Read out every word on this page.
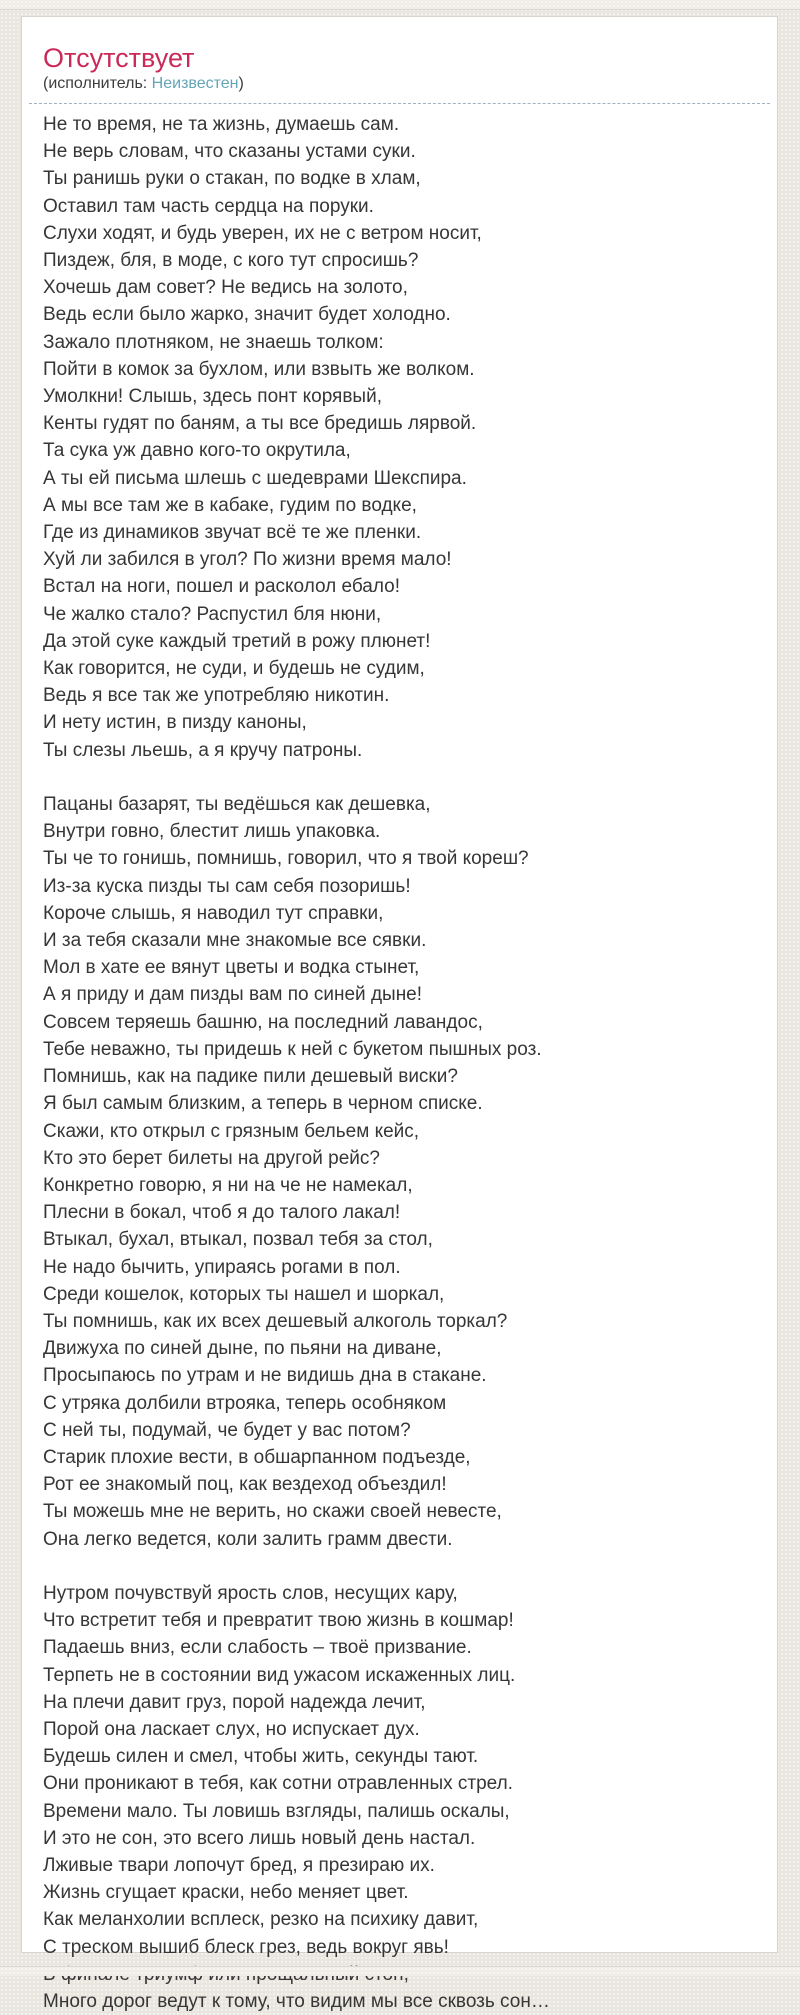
Отсутствует
(исполнитель: Неизвестен)
Не то время, не та жизнь, думаешь сам.
Не верь словам, что сказаны устами суки.
Ты ранишь руки о стакан, по водке в хлам,
Оставил там часть сердца на поруки.
Слухи ходят, и будь уверен, их не с ветром носит,
Пиздеж, бля, в моде, с кого тут спросишь?
Хочешь дам совет? Не ведись на золото,
Ведь если было жарко, значит будет холодно.
Зажало плотняком, не знаешь толком:
Пойти в комок за бухлом, или взвыть же волком.
Умолкни! Слышь, здесь понт корявый,
Кенты гудят по баням, а ты все бредишь лярвой.
Та сука уж давно кого-то окрутила,
А ты ей письма шлешь с шедеврами Шекспира.
А мы все там же в кабаке, гудим по водке,
Где из динамиков звучат всё те же пленки.
Хуй ли забился в угол? По жизни время мало!
Встал на ноги, пошел и расколол ебало!
Че жалко стало? Распустил бля нюни,
Да этой суке каждый третий в рожу плюнет!
Как говорится, не суди, и будешь не судим,
Ведь я все так же употребляю никотин.
И нету истин, в пизду каноны,
Ты слезы льешь, а я кручу патроны.
Пацаны базарят, ты ведёшься как дешевка,
Внутри говно, блестит лишь упаковка.
Ты че то гонишь, помнишь, говорил, что я твой кореш?
Из-за куска пизды ты сам себя позоришь!
Короче слышь, я наводил тут справки,
И за тебя сказали мне знакомые все сявки.
Мол в хате ее вянут цветы и водка стынет,
А я приду и дам пизды вам по синей дыне!
Совсем теряешь башню, на последний лавандос,
Тебе неважно, ты придешь к ней с букетом пышных роз.
Помнишь, как на падике пили дешевый виски?
Я был самым близким, а теперь в черном списке.
Скажи, кто открыл с грязным бельем кейс,
Кто это берет билеты на другой рейс?
Конкретно говорю, я ни на че не намекал,
Плесни в бокал, чтоб я до талого лакал!
Втыкал, бухал, втыкал, позвал тебя за стол,
Не надо бычить, упираясь рогами в пол.
Среди кошелок, которых ты нашел и шоркал,
Ты помнишь, как их всех дешевый алкоголь торкал?
Движуха по синей дыне, по пьяни на диване,
Просыпаюсь по утрам и не видишь дна в стакане.
С утряка долбили втрояка, теперь особняком
С ней ты, подумай, че будет у вас потом?
Старик плохие вести, в обшарпанном подъезде,
Рот ее знакомый поц, как вездеход объездил!
Ты можешь мне не верить, но скажи своей невесте,
Она легко ведется, коли залить грамм двести.
Нутром почувствуй ярость слов, несущих кару,
Что встретит тебя и превратит твою жизнь в кошмар!
Падаешь вниз, если слабость – твоё призвание.
Терпеть не в состоянии вид ужасом искаженных лиц.
На плечи давит груз, порой надежда лечит,
Порой она ласкает слух, но испускает дух.
Будешь силен и смел, чтобы жить, секунды тают.
Они проникают в тебя, как сотни отравленных стрел.
Времени мало. Ты ловишь взгляды, палишь оскалы,
И это не сон, это всего лишь новый день настал.
Лживые твари лопочут бред, я презираю их.
Жизнь сгущает краски, небо меняет цвет.
Как меланхолии всплеск, резко на психику давит,
С треском вышиб блеск грез, ведь вокруг явь!
Много дорог ведут к тому, что видим мы все сквозь сон…
